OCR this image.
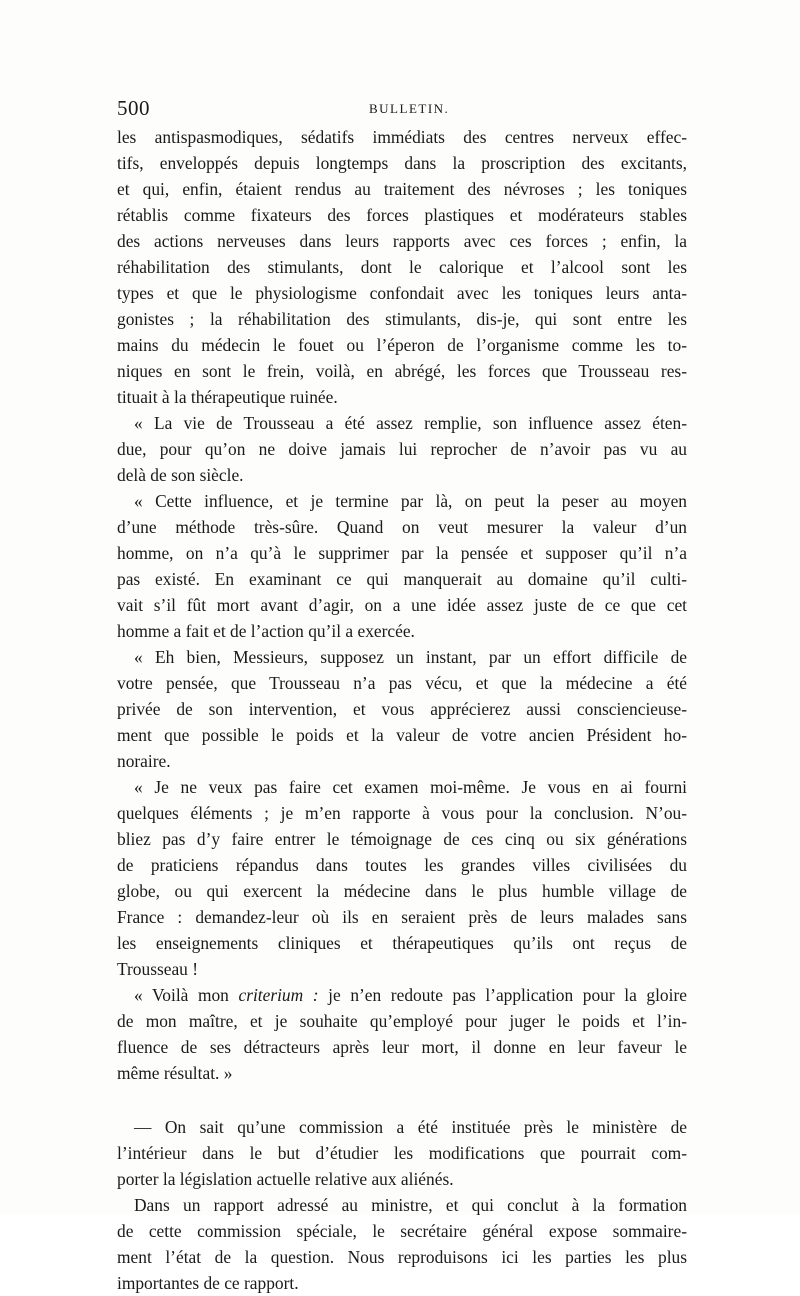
500	BULLETIN.
les antispasmodiques, sédatifs immédiats des centres nerveux effec-
tifs, enveloppés depuis longtemps dans la proscription des excitants,
et qui, enfin, étaient rendus au traitement des névroses ; les toniques
rétablis comme fixateurs des forces plastiques et modérateurs stables
des actions nerveuses dans leurs rapports avec ces forces ; enfin, la
réhabilitation des stimulants, dont le calorique et l’alcool sont les
types et que le physiologisme confondait avec les toniques leurs anta-
gonistes ; la réhabilitation des stimulants, dis-je, qui sont entre les
mains du médecin le fouet ou l’éperon de l’organisme comme les to-
niques en sont le frein, voilà, en abrégé, les forces que Trousseau res-
tituait à la thérapeutique ruinée.
« La vie de Trousseau a été assez remplie, son influence assez éten-
due, pour qu’on ne doive jamais lui reprocher de n’avoir pas vu au
delà de son siècle.
« Cette influence, et je termine par là, on peut la peser au moyen
d’une méthode très-sûre. Quand on veut mesurer la valeur d’un
homme, on n’a qu’à le supprimer par la pensée et supposer qu’il n’a
pas existé. En examinant ce qui manquerait au domaine qu’il culti-
vait s’il fût mort avant d’agir, on a une idée assez juste de ce que cet
homme a fait et de l’action qu’il a exercée.
« Eh bien, Messieurs, supposez un instant, par un effort difficile de
votre pensée, que Trousseau n’a pas vécu, et que la médecine a été
privée de son intervention, et vous apprécierez aussi consciencieuse-
ment que possible le poids et la valeur de votre ancien Président ho-
noraire.
« Je ne veux pas faire cet examen moi-même. Je vous en ai fourni
quelques éléments ; je m’en rapporte à vous pour la conclusion. N’ou-
bliez pas d’y faire entrer le témoignage de ces cinq ou six générations
de praticiens répandus dans toutes les grandes villes civilisées du
globe, ou qui exercent la médecine dans le plus humble village de
France : demandez-leur où ils en seraient près de leurs malades sans
les enseignements cliniques et thérapeutiques qu’ils ont reçus de
Trousseau !
« Voilà mon criterium : je n’en redoute pas l’application pour la gloire
de mon maître, et je souhaite qu’employé pour juger le poids et l’in-
fluence de ses détracteurs après leur mort, il donne en leur faveur le
même résultat. »
— On sait qu’une commission a été instituée près le ministère de
l’intérieur dans le but d’étudier les modifications que pourrait com-
porter la législation actuelle relative aux aliénés.
Dans un rapport adressé au ministre, et qui conclut à la formation
de cette commission spéciale, le secrétaire général expose sommaire-
ment l’état de la question. Nous reproduisons ici les parties les plus
importantes de ce rapport.
